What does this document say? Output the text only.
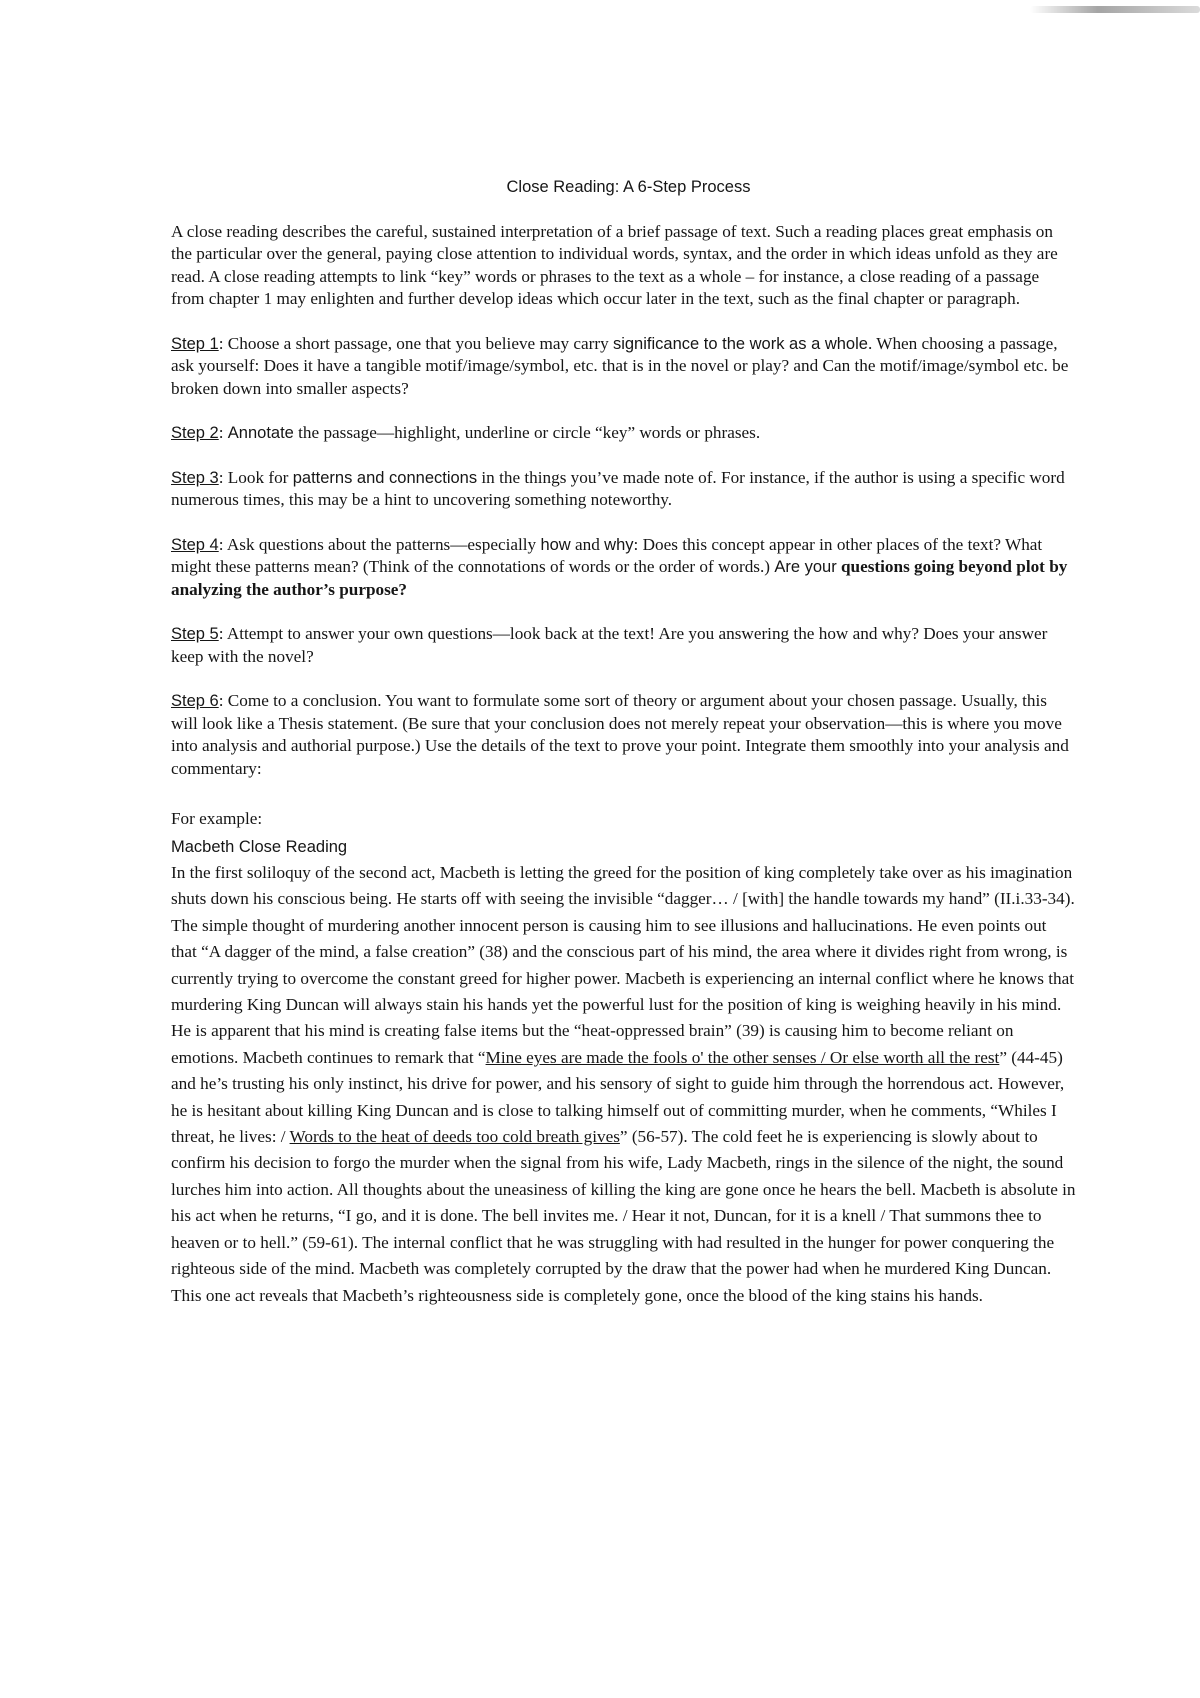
Close Reading: A 6-Step Process

A close reading describes the careful, sustained interpretation of a brief passage of text. Such a reading places great emphasis on the particular over the general, paying close attention to individual words, syntax, and the order in which ideas unfold as they are read. A close reading attempts to link “key” words or phrases to the text as a whole – for instance, a close reading of a passage from chapter 1 may enlighten and further develop ideas which occur later in the text, such as the final chapter or paragraph.

Step 1: Choose a short passage, one that you believe may carry significance to the work as a whole. When choosing a passage, ask yourself: Does it have a tangible motif/image/symbol, etc. that is in the novel or play? and Can the motif/image/symbol etc. be broken down into smaller aspects?

Step 2: Annotate the passage—highlight, underline or circle “key” words or phrases.

Step 3: Look for patterns and connections in the things you’ve made note of. For instance, if the author is using a specific word numerous times, this may be a hint to uncovering something noteworthy.

Step 4: Ask questions about the patterns—especially how and why: Does this concept appear in other places of the text? What might these patterns mean? (Think of the connotations of words or the order of words.) Are your questions going beyond plot by analyzing the author’s purpose?

Step 5: Attempt to answer your own questions—look back at the text! Are you answering the how and why? Does your answer keep with the novel?

Step 6: Come to a conclusion. You want to formulate some sort of theory or argument about your chosen passage. Usually, this will look like a Thesis statement. (Be sure that your conclusion does not merely repeat your observation—this is where you move into analysis and authorial purpose.) Use the details of the text to prove your point. Integrate them smoothly into your analysis and commentary:

For example:

Macbeth Close Reading

In the first soliloquy of the second act, Macbeth is letting the greed for the position of king completely take over as his imagination shuts down his conscious being. He starts off with seeing the invisible “dagger… / [with] the handle towards my hand” (II.i.33-34). The simple thought of murdering another innocent person is causing him to see illusions and hallucinations. He even points out that “A dagger of the mind, a false creation” (38) and the conscious part of his mind, the area where it divides right from wrong, is currently trying to overcome the constant greed for higher power. Macbeth is experiencing an internal conflict where he knows that murdering King Duncan will always stain his hands yet the powerful lust for the position of king is weighing heavily in his mind. He is apparent that his mind is creating false items but the “heat-oppressed brain” (39) is causing him to become reliant on emotions. Macbeth continues to remark that “Mine eyes are made the fools o' the other senses / Or else worth all the rest” (44-45) and he’s trusting his only instinct, his drive for power, and his sensory of sight to guide him through the horrendous act. However, he is hesitant about killing King Duncan and is close to talking himself out of committing murder, when he comments, “Whiles I threat, he lives: / Words to the heat of deeds too cold breath gives” (56-57). The cold feet he is experiencing is slowly about to confirm his decision to forgo the murder when the signal from his wife, Lady Macbeth, rings in the silence of the night, the sound lurches him into action. All thoughts about the uneasiness of killing the king are gone once he hears the bell. Macbeth is absolute in his act when he returns, “I go, and it is done. The bell invites me. / Hear it not, Duncan, for it is a knell / That summons thee to heaven or to hell.” (59-61). The internal conflict that he was struggling with had resulted in the hunger for power conquering the righteous side of the mind. Macbeth was completely corrupted by the draw that the power had when he murdered King Duncan. This one act reveals that Macbeth’s righteousness side is completely gone, once the blood of the king stains his hands.
